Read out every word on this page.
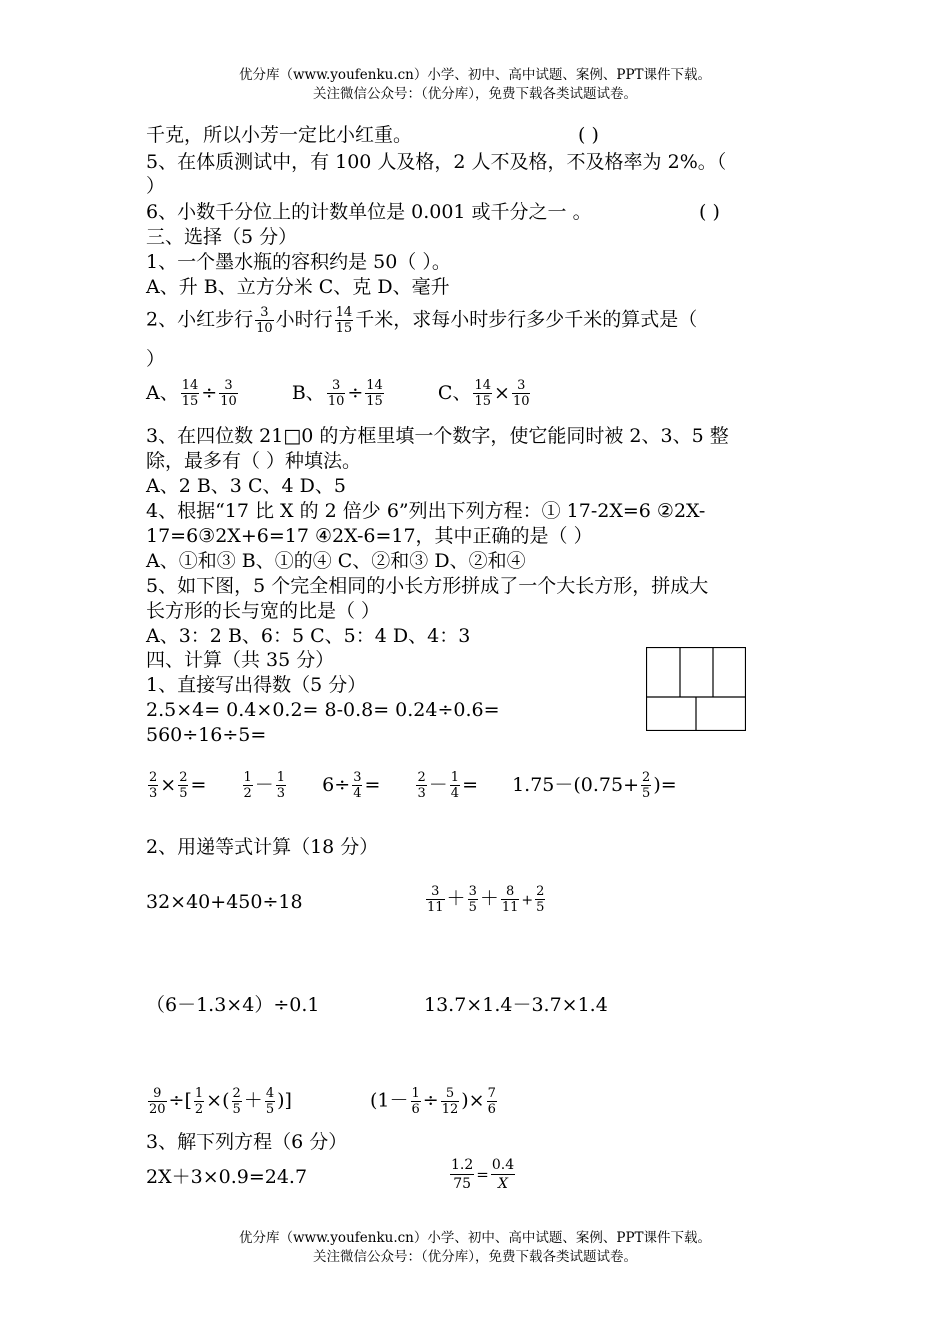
优分库（www.youfenku.cn）小学、初中、高中试题、案例、PPT课件下载。
关注微信公众号：（优分库），免费下载各类试题试卷。
千克，所以小芳一定比小红重。	( )
5、在体质测试中，有 100 人及格，2 人不及格，不及格率为 2%。（
）
6、小数千分位上的计数单位是 0.001 或千分之一 。	( )
三、选择（5 分）
1、一个墨水瓶的容积约是 50（ ）。
A、升 B、立方分米 C、克 D、毫升
2、小红步行 $\frac{3}{10}$ 小时行 $\frac{14}{15}$ 千米，求每小时步行多少千米的算式是（
）
A、 $\frac{14}{15} \div \frac{3}{10}$	B、 $\frac{3}{10} \div \frac{14}{15}$	C、 $\frac{14}{15} \times \frac{3}{10}$
3、在四位数 21□0 的方框里填一个数字，使它能同时被 2、3、5 整
除，最多有（ ）种填法。
A、2 B、3 C、4 D、5
4、根据“17 比 X 的 2 倍少 6”列出下列方程：① 17-2X=6 ②2X-
17=6③2X+6=17 ④2X-6=17，其中正确的是（ ）
A、①和③ B、①的④ C、②和③ D、②和④
5、如下图，5 个完全相同的小长方形拼成了一个大长方形，拼成大
长方形的长与宽的比是（ ）
A、3：2 B、6：5 C、5：4 D、4：3
四、计算（共 35 分）
1、直接写出得数（5 分）
2.5×4= 0.4×0.2= 8-0.8= 0.24÷0.6=
560÷16÷5=
$\frac{2}{3} \times \frac{2}{5}$ =	$\frac{1}{2} - \frac{1}{3} 6\div \frac{3}{4}$ =	$\frac{2}{3} - \frac{1}{4} = 1.75-(0.75+ \frac{2}{5}$ )=
2、用递等式计算（18 分）
32×40+450÷18	$\frac{3}{11} + \frac{3}{5} + \frac{8}{11} + \frac{2}{5}$
（6－1.3×4）÷0.1	13.7×1.4－3.7×1.4
$\frac{9}{20}$ ÷[ $\frac{1}{2}$ ×( $\frac{2}{5} + \frac{4}{5}$ )]	($1- \frac{1}{6} \div \frac{5}{12}$ )× $\frac{7}{6}$
3、解下列方程（6 分）
2X＋3×0.9=24.7	$\frac{1.2}{75} = \frac{0.4}{X}$
优分库（www.youfenku.cn）小学、初中、高中试题、案例、PPT课件下载。
关注微信公众号：（优分库），免费下载各类试题试卷。
